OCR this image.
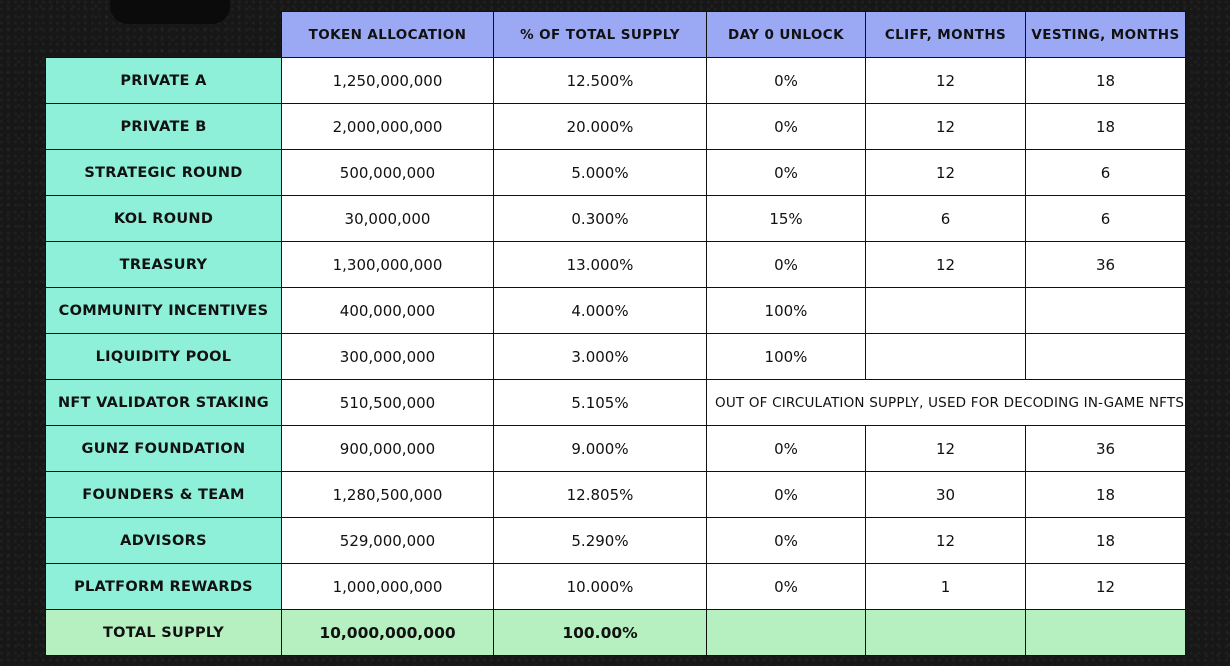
	TOKEN ALLOCATION	% OF TOTAL SUPPLY	DAY 0 UNLOCK	CLIFF, MONTHS	VESTING, MONTHS
PRIVATE A	1,250,000,000	12.500%	0%	12	18
PRIVATE B	2,000,000,000	20.000%	0%	12	18
STRATEGIC ROUND	500,000,000	5.000%	0%	12	6
KOL ROUND	30,000,000	0.300%	15%	6	6
TREASURY	1,300,000,000	13.000%	0%	12	36
COMMUNITY INCENTIVES	400,000,000	4.000%	100%		
LIQUIDITY POOL	300,000,000	3.000%	100%		
NFT VALIDATOR STAKING	510,500,000	5.105%	OUT OF CIRCULATION SUPPLY, USED FOR DECODING IN-GAME NFTS		
GUNZ FOUNDATION	900,000,000	9.000%	0%	12	36
FOUNDERS & TEAM	1,280,500,000	12.805%	0%	30	18
ADVISORS	529,000,000	5.290%	0%	12	18
PLATFORM REWARDS	1,000,000,000	10.000%	0%	1	12
TOTAL SUPPLY	10,000,000,000	100.00%			
